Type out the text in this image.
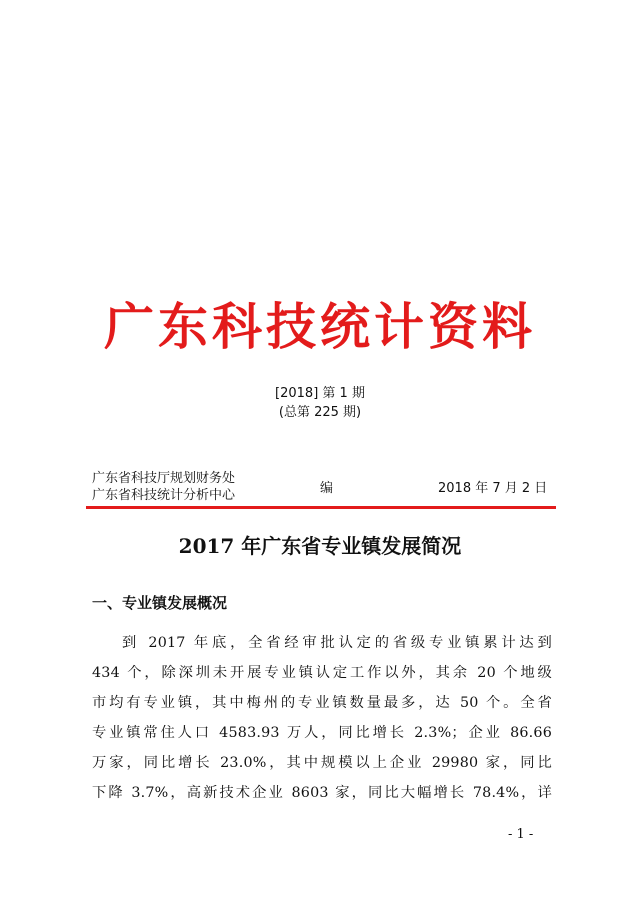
广东科技统计资料
[2018] 第 1 期
(总第 225 期)
广东省科技厅规划财务处
广东省科技统计分析中心	编	2018 年 7 月 2 日
2017 年广东省专业镇发展简况
一、专业镇发展概况
到 2017 年底，全省经审批认定的省级专业镇累计达到
434 个，除深圳未开展专业镇认定工作以外，其余 20 个地级
市均有专业镇，其中梅州的专业镇数量最多，达 50 个。全省
专业镇常住人口 4583.93 万人，同比增长 2.3%；企业 86.66
万家，同比增长 23.0%，其中规模以上企业 29980 家，同比
下降 3.7%，高新技术企业 8603 家，同比大幅增长 78.4%，详
- 1 -
